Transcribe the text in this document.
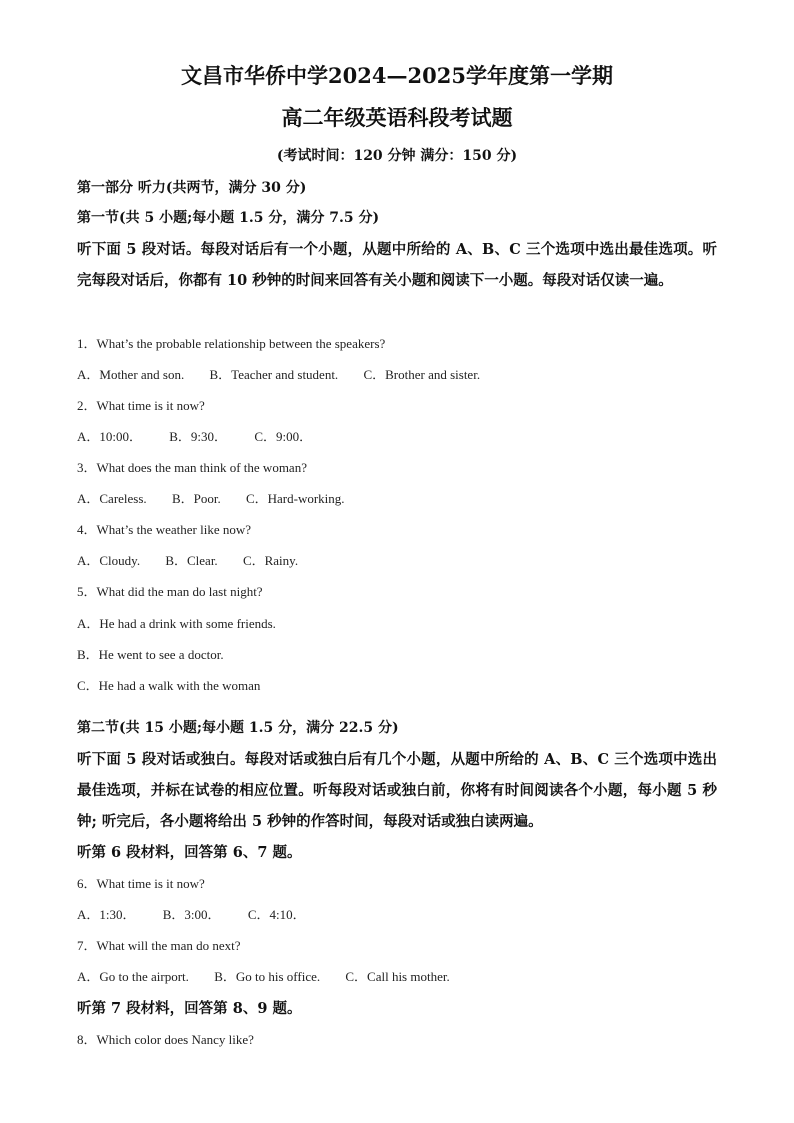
文昌市华侨中学2024—2025学年度第一学期
高二年级英语科段考试题
(考试时间：120 分钟 满分：150 分)
第一部分 听力(共两节，满分 30 分)
第一节(共 5 小题;每小题 1.5 分，满分 7.5 分)
听下面 5 段对话。每段对话后有一个小题，从题中所给的 A、B、C 三个选项中选出最佳选项。听完每段对话后，你都有 10 秒钟的时间来回答有关小题和阅读下一小题。每段对话仅读一遍。
1．What’s the probable relationship between the speakers?
A．Mother and son. B．Teacher and student. C．Brother and sister.
2．What time is it now?
A．10:00． B．9:30． C．9:00．
3．What does the man think of the woman?
A．Careless. B．Poor. C．Hard-working.
4．What’s the weather like now?
A．Cloudy. B．Clear. C．Rainy.
5．What did the man do last night?
A．He had a drink with some friends.
B．He went to see a doctor.
C．He had a walk with the woman
第二节(共 15 小题;每小题 1.5 分，满分 22.5 分)
听下面 5 段对话或独白。每段对话或独白后有几个小题，从题中所给的 A、B、C 三个选项中选出最佳选项，并标在试卷的相应位置。听每段对话或独白前，你将有时间阅读各个小题，每小题 5 秒钟; 听完后，各小题将给出 5 秒钟的作答时间，每段对话或独白读两遍。
听第 6 段材料，回答第 6、7 题。
6．What time is it now?
A．1:30． B．3:00． C．4:10．
7．What will the man do next?
A．Go to the airport. B．Go to his office. C．Call his mother.
听第 7 段材料，回答第 8、9 题。
8．Which color does Nancy like?
